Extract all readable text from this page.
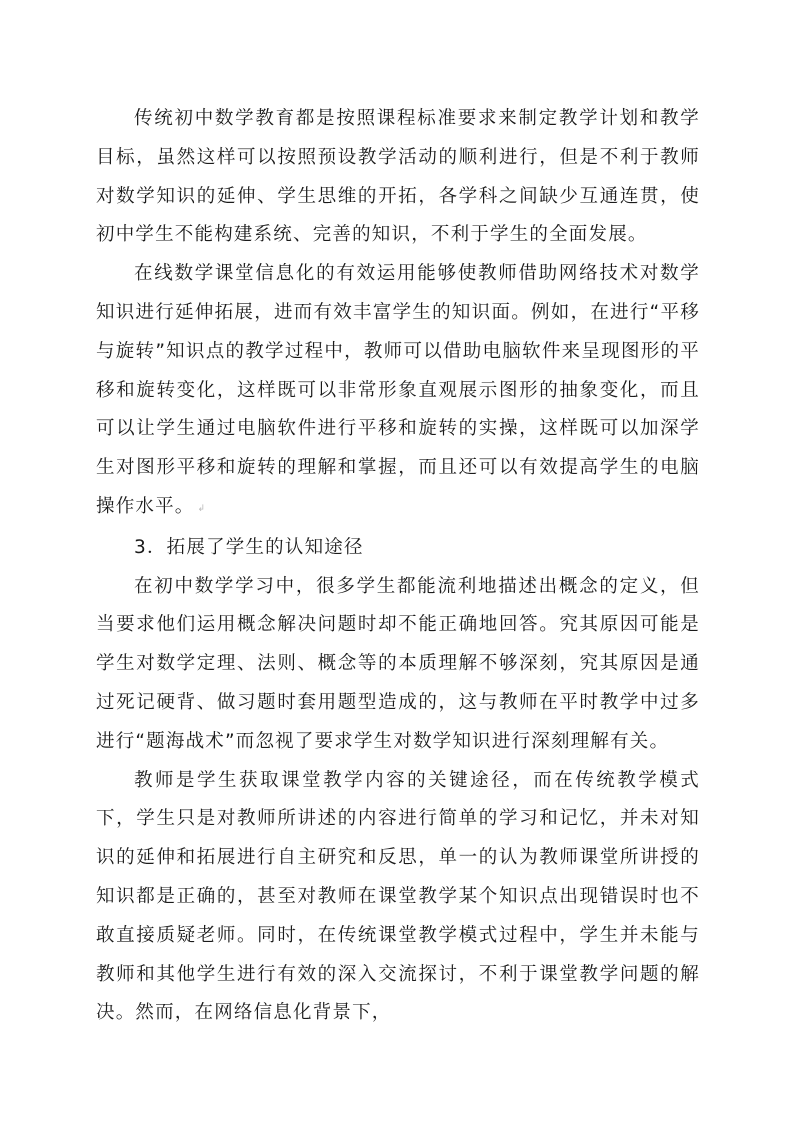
传统初中数学教育都是按照课程标准要求来制定教学计划和教学目标，虽然这样可以按照预设教学活动的顺利进行，但是不利于教师对数学知识的延伸、学生思维的开拓，各学科之间缺少互通连贯，使初中学生不能构建系统、完善的知识，不利于学生的全面发展。

在线数学课堂信息化的有效运用能够使教师借助网络技术对数学知识进行延伸拓展，进而有效丰富学生的知识面。例如，在进行“平移与旋转”知识点的教学过程中，教师可以借助电脑软件来呈现图形的平移和旋转变化，这样既可以非常形象直观展示图形的抽象变化，而且可以让学生通过电脑软件进行平移和旋转的实操，这样既可以加深学生对图形平移和旋转的理解和掌握，而且还可以有效提高学生的电脑操作水平。 ↲

3．拓展了学生的认知途径

在初中数学学习中，很多学生都能流利地描述出概念的定义，但当要求他们运用概念解决问题时却不能正确地回答。究其原因可能是学生对数学定理、法则、概念等的本质理解不够深刻，究其原因是通过死记硬背、做习题时套用题型造成的，这与教师在平时教学中过多进行“题海战术”而忽视了要求学生对数学知识进行深刻理解有关。

教师是学生获取课堂教学内容的关键途径，而在传统教学模式下，学生只是对教师所讲述的内容进行简单的学习和记忆，并未对知识的延伸和拓展进行自主研究和反思，单一的认为教师课堂所讲授的知识都是正确的，甚至对教师在课堂教学某个知识点出现错误时也不敢直接质疑老师。同时，在传统课堂教学模式过程中，学生并未能与教师和其他学生进行有效的深入交流探讨，不利于课堂教学问题的解决。然而，在网络信息化背景下，
